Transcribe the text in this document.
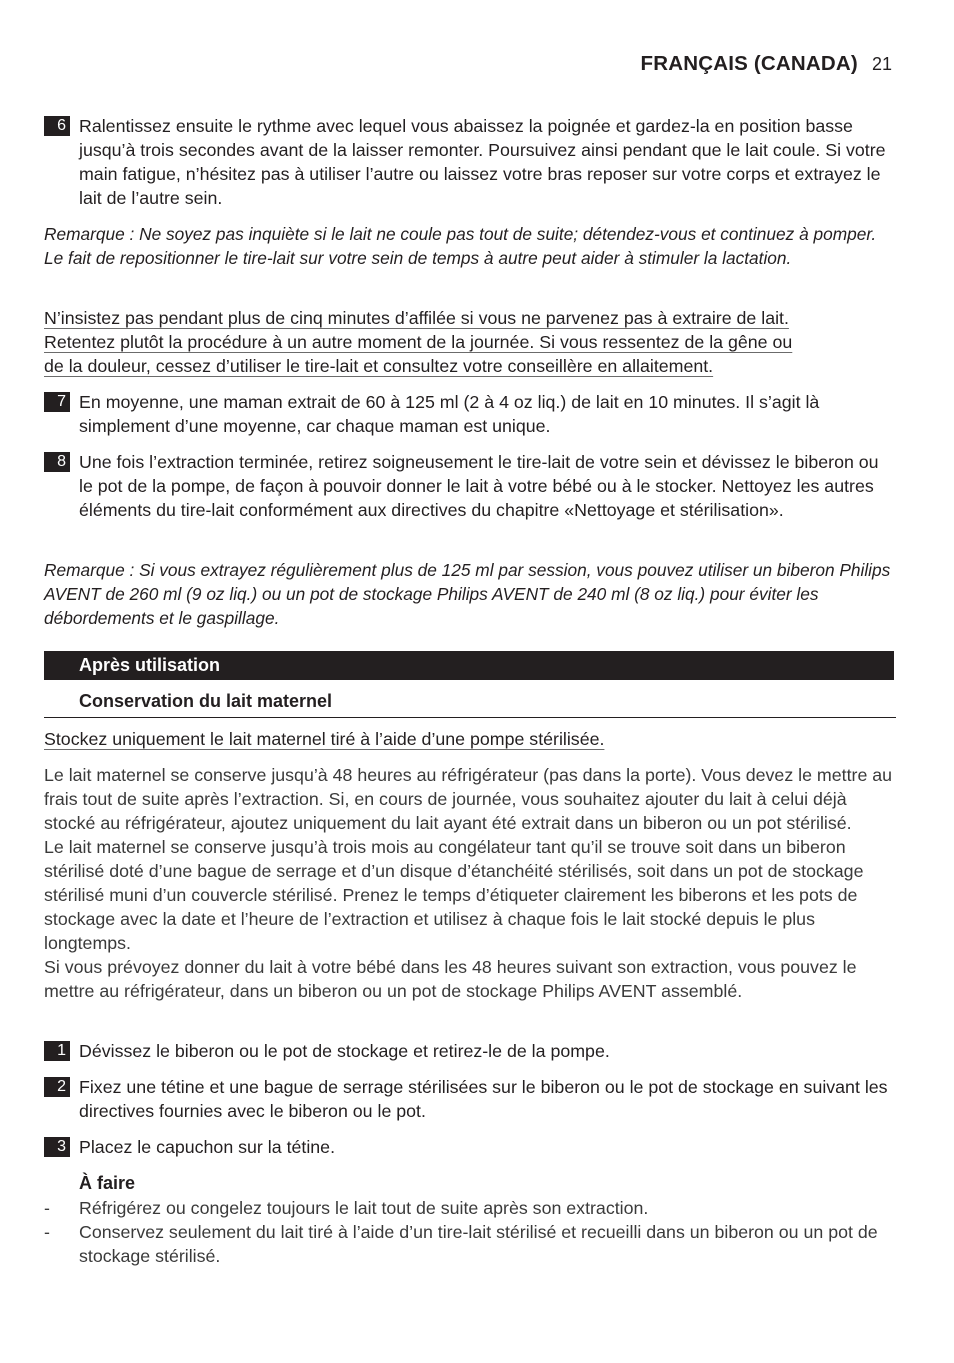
FRANÇAIS (CANADA) 21
6 Ralentissez ensuite le rythme avec lequel vous abaissez la poignée et gardez-la en position basse jusqu’à trois secondes avant de la laisser remonter. Poursuivez ainsi pendant que le lait coule. Si votre main fatigue, n’hésitez pas à utiliser l’autre ou laissez votre bras reposer sur votre corps et extrayez le lait de l’autre sein.
Remarque : Ne soyez pas inquiète si le lait ne coule pas tout de suite; détendez-vous et continuez à pomper. Le fait de repositionner le tire-lait sur votre sein de temps à autre peut aider à stimuler la lactation.

N’insistez pas pendant plus de cinq minutes d’affilée si vous ne parvenez pas à extraire de lait.

Retentez plutôt la procédure à un autre moment de la journée. Si vous ressentez de la gêne ou

de la douleur, cessez d’utiliser le tire-lait et consultez votre conseillère en allaitement.

7 En moyenne, une maman extrait de 60 à 125 ml (2 à 4 oz liq.) de lait en 10 minutes. Il s’agit là simplement d’une moyenne, car chaque maman est unique.
8 Une fois l’extraction terminée, retirez soigneusement le tire-lait de votre sein et dévissez le biberon ou le pot de la pompe, de façon à pouvoir donner le lait à votre bébé ou à le stocker. Nettoyez les autres éléments du tire-lait conformément aux directives du chapitre «Nettoyage et stérilisation».
Remarque : Si vous extrayez régulièrement plus de 125 ml par session, vous pouvez utiliser un biberon Philips AVENT de 260 ml (9 oz liq.) ou un pot de stockage Philips AVENT de 240 ml (8 oz liq.) pour éviter les débordements et le gaspillage.
Après utilisation
Conservation du lait maternel

Stockez uniquement le lait maternel tiré à l’aide d’une pompe stérilisée.

Le lait maternel se conserve jusqu’à 48 heures au réfrigérateur (pas dans la porte). Vous devez le mettre au frais tout de suite après l’extraction. Si, en cours de journée, vous souhaitez ajouter du lait à celui déjà stocké au réfrigérateur, ajoutez uniquement du lait ayant été extrait dans un biberon ou un pot stérilisé.

Le lait maternel se conserve jusqu’à trois mois au congélateur tant qu’il se trouve soit dans un biberon stérilisé doté d’une bague de serrage et d’un disque d’étanchéité stérilisés, soit dans un pot de stockage stérilisé muni d’un couvercle stérilisé. Prenez le temps d’étiqueter clairement les biberons et les pots de stockage avec la date et l’heure de l’extraction et utilisez à chaque fois le lait stocké depuis le plus longtemps.

Si vous prévoyez donner du lait à votre bébé dans les 48 heures suivant son extraction, vous pouvez le mettre au réfrigérateur, dans un biberon ou un pot de stockage Philips AVENT assemblé.

1 Dévissez le biberon ou le pot de stockage et retirez-le de la pompe.
2 Fixez une tétine et une bague de serrage stérilisées sur le biberon ou le pot de stockage en suivant les directives fournies avec le biberon ou le pot.
3 Placez le capuchon sur la tétine.
À faire
-	Réfrigérez ou congelez toujours le lait tout de suite après son extraction.
-	Conservez seulement du lait tiré à l’aide d’un tire-lait stérilisé et recueilli dans un biberon ou un pot de stockage stérilisé.
